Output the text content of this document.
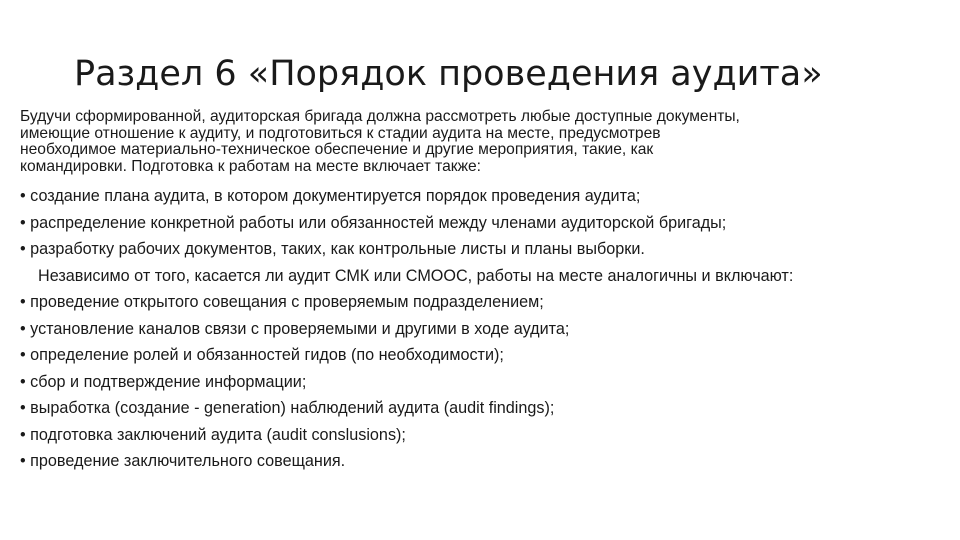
Раздел 6 «Порядок проведения аудита»

Будучи сформированной, аудиторская бригада должна рассмотреть любые доступные документы,
имеющие отношение к аудиту, и подготовиться к стадии аудита на месте, предусмотрев
необходимое материально-техническое обеспечение и другие мероприятия, такие, как
командировки. Подготовка к работам на месте включает также:

• создание плана аудита, в котором документируется порядок проведения аудита;
• распределение конкретной работы или обязанностей между членами аудиторской бригады;
• разработку рабочих документов, таких, как контрольные листы и планы выборки.
Независимо от того, касается ли аудит СМК или СМООС, работы на месте аналогичны и включают:
• проведение открытого совещания с проверяемым подразделением;
• установление каналов связи с проверяемыми и другими в ходе аудита;
• определение ролей и обязанностей гидов (по необходимости);
• сбор и подтверждение информации;
• выработка (создание - generation) наблюдений аудита (audit findings);
• подготовка заключений аудита (audit conslusions);
• проведение заключительного совещания.
